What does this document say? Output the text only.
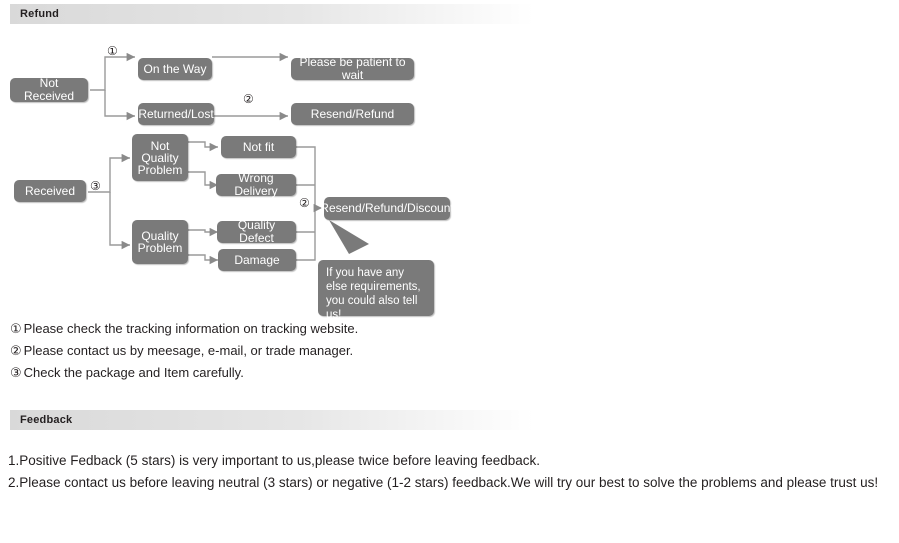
Refund
Not Received
On the Way
Returned/Lost
Please be patient to wait
Resend/Refund
Received
Not Quality Problem
Quality Problem
Not fit
Wrong Delivery
Quality Defect
Damage
Resend/Refund/Discount
①
②
③
②
If you have any else requirements, you could also tell us!
① Please check the tracking information on tracking website.
② Please contact us by meesage, e-mail, or trade manager.
③ Check the package and Item carefully.
Feedback

1.Positive Fedback (5 stars) is very important to us,please twice before leaving feedback.

2.Please contact us before leaving neutral (3 stars) or negative (1-2 stars) feedback.We will try our best to solve the problems and please trust us!
